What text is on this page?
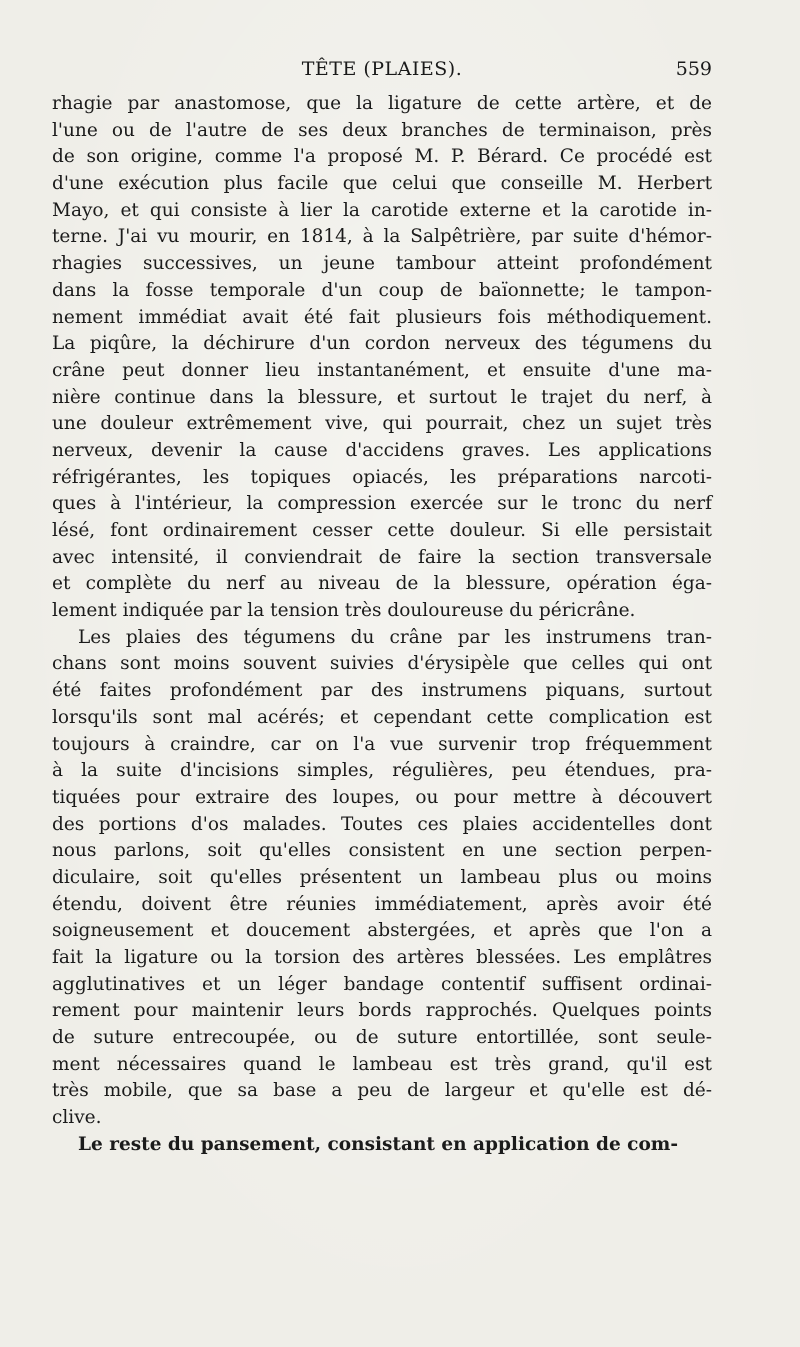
TÊTE (PLAIES).	559
rhagie par anastomose, que la ligature de cette artère, et de
l'une ou de l'autre de ses deux branches de terminaison, près
de son origine, comme l'a proposé M. P. Bérard. Ce procédé est
d'une exécution plus facile que celui que conseille M. Herbert
Mayo, et qui consiste à lier la carotide externe et la carotide in-
terne. J'ai vu mourir, en 1814, à la Salpêtrière, par suite d'hémor-
rhagies successives, un jeune tambour atteint profondément
dans la fosse temporale d'un coup de baïonnette; le tampon-
nement immédiat avait été fait plusieurs fois méthodiquement.
La piqûre, la déchirure d'un cordon nerveux des tégumens du
crâne peut donner lieu instantanément, et ensuite d'une ma-
nière continue dans la blessure, et surtout le trajet du nerf, à
une douleur extrêmement vive, qui pourrait, chez un sujet très
nerveux, devenir la cause d'accidens graves. Les applications
réfrigérantes, les topiques opiacés, les préparations narcoti-
ques à l'intérieur, la compression exercée sur le tronc du nerf
lésé, font ordinairement cesser cette douleur. Si elle persistait
avec intensité, il conviendrait de faire la section transversale
et complète du nerf au niveau de la blessure, opération éga-
lement indiquée par la tension très douloureuse du péricrâne.
Les plaies des tégumens du crâne par les instrumens tran-
chans sont moins souvent suivies d'érysipèle que celles qui ont
été faites profondément par des instrumens piquans, surtout
lorsqu'ils sont mal acérés; et cependant cette complication est
toujours à craindre, car on l'a vue survenir trop fréquemment
à la suite d'incisions simples, régulières, peu étendues, pra-
tiquées pour extraire des loupes, ou pour mettre à découvert
des portions d'os malades. Toutes ces plaies accidentelles dont
nous parlons, soit qu'elles consistent en une section perpen-
diculaire, soit qu'elles présentent un lambeau plus ou moins
étendu, doivent être réunies immédiatement, après avoir été
soigneusement et doucement abstergées, et après que l'on a
fait la ligature ou la torsion des artères blessées. Les emplâtres
agglutinatives et un léger bandage contentif suffisent ordinai-
rement pour maintenir leurs bords rapprochés. Quelques points
de suture entrecoupée, ou de suture entortillée, sont seule-
ment nécessaires quand le lambeau est très grand, qu'il est
très mobile, que sa base a peu de largeur et qu'elle est dé-
clive.
Le reste du pansement, consistant en application de com-
